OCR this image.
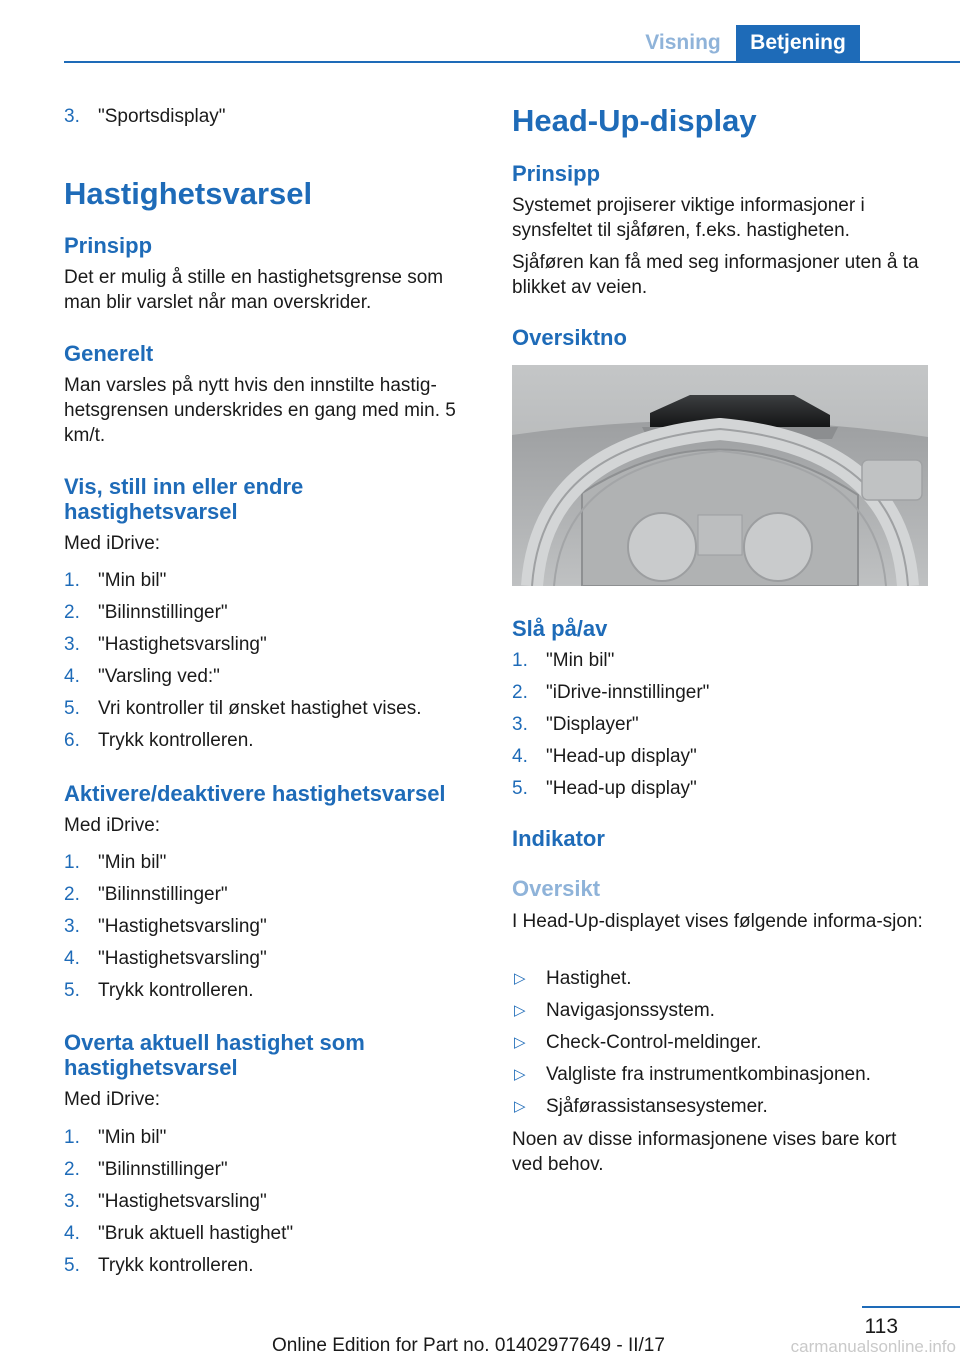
Visning	Betjening
3. "Sportsdisplay"
Hastighetsvarsel
Prinsipp
Det er mulig å stille en hastighetsgrense som man blir varslet når man overskrider.
Generelt
Man varsles på nytt hvis den innstilte hastig-hetsgrensen underskrides en gang med min. 5 km/t.
Vis, still inn eller endre hastighetsvarsel
Med iDrive:
1. "Min bil"
2. "Bilinnstillinger"
3. "Hastighetsvarsling"
4. "Varsling ved:"
5. Vri kontroller til ønsket hastighet vises.
6. Trykk kontrolleren.
Aktivere/deaktivere hastighetsvarsel
Med iDrive:
1. "Min bil"
2. "Bilinnstillinger"
3. "Hastighetsvarsling"
4. "Hastighetsvarsling"
5. Trykk kontrolleren.
Overta aktuell hastighet som hastighetsvarsel
Med iDrive:
1. "Min bil"
2. "Bilinnstillinger"
3. "Hastighetsvarsling"
4. "Bruk aktuell hastighet"
5. Trykk kontrolleren.
Head-Up-display
Prinsipp
Systemet projiserer viktige informasjoner i synsfeltet til sjåføren, f.eks. hastigheten.
Sjåføren kan få med seg informasjoner uten å ta blikket av veien.
Oversiktno
Slå på/av
1. "Min bil"
2. "iDrive-innstillinger"
3. "Displayer"
4. "Head-up display"
5. "Head-up display"
Indikator
Oversikt
I Head-Up-displayet vises følgende informa-sjon:
▷ Hastighet.
▷ Navigasjonssystem.
▷ Check-Control-meldinger.
▷ Valgliste fra instrumentkombinasjonen.
▷ Sjåførassistansesystemer.
Noen av disse informasjonene vises bare kort ved behov.
113
Online Edition for Part no. 01402977649 - II/17	carmanualsonline.info
